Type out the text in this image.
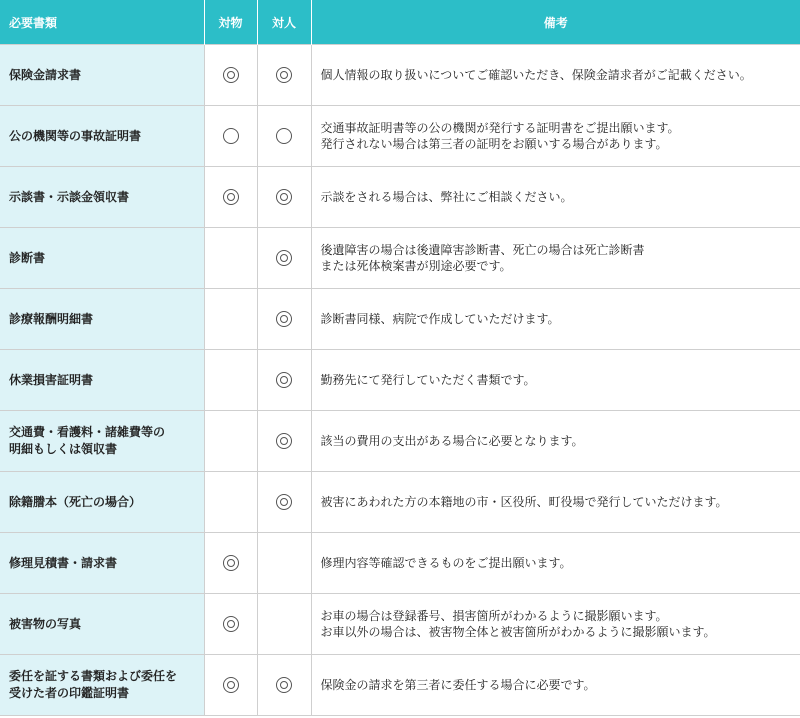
必要書類	対物	対人	備考
保険金請求書			個人情報の取り扱いについてご確認いただき、保険金請求者がご記載ください。
公の機関等の事故証明書			交通事故証明書等の公の機関が発行する証明書をご提出願います。
発行されない場合は第三者の証明をお願いする場合があります。
示談書・示談金領収書			示談をされる場合は、弊社にご相談ください。
診断書			後遺障害の場合は後遺障害診断書、死亡の場合は死亡診断書
または死体検案書が別途必要です。
診療報酬明細書			診断書同様、病院で作成していただけます。
休業損害証明書			勤務先にて発行していただく書類です。
交通費・看護料・諸雑費等の
明細もしくは領収書			該当の費用の支出がある場合に必要となります。
除籍謄本（死亡の場合）			被害にあわれた方の本籍地の市・区役所、町役場で発行していただけます。
修理見積書・請求書			修理内容等確認できるものをご提出願います。
被害物の写真			お車の場合は登録番号、損害箇所がわかるように撮影願います。
お車以外の場合は、被害物全体と被害箇所がわかるように撮影願います。
委任を証する書類および委任を
受けた者の印鑑証明書			保険金の請求を第三者に委任する場合に必要です。
